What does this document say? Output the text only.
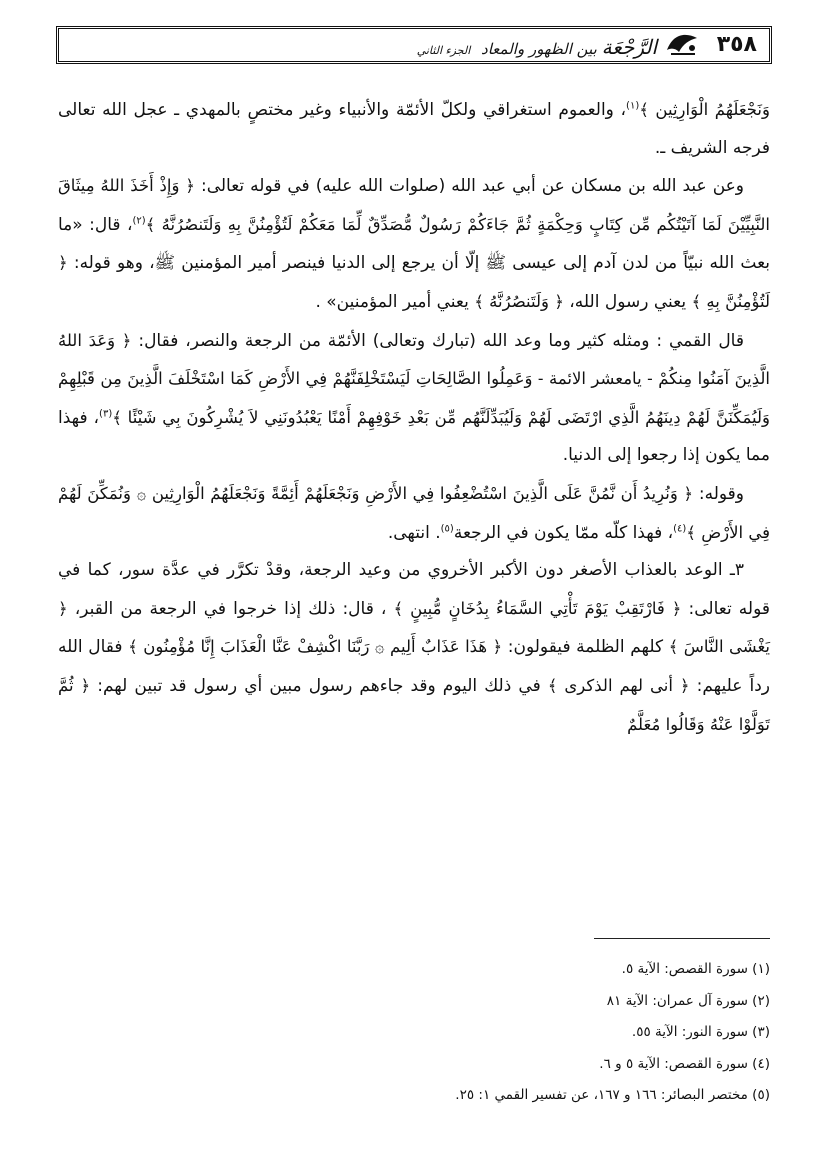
٣٥٨
الرَّجْعَة بين الظهور والمعاد الجزء الثاني

وَنَجْعَلَهُمُ الْوَارِثِين ﴾$^{(١)}$، والعموم استغراقي ولكلّ الأئمّة والأنبياء وغير مختصٍ بالمهدي ـ عجل الله تعالى فرجه الشريف ـ.

وعن عبد الله بن مسكان عن أبي عبد الله (صلوات الله عليه) في قوله تعالى: ﴿ وَإِذْ أَخَذَ اللهُ مِيثَاقَ النَّبِيِّيْنَ لَمَا آتَيْتُكُم مِّن كِتَابٍ وَحِكْمَةٍ ثُمَّ جَاءَكُمْ رَسُولٌ مُّصَدِّقٌ لِّمَا مَعَكُمْ لَتُؤْمِنُنَّ بِهِ وَلَتَنصُرُنَّهُ ﴾$^{(٢)}$، قال: «ما بعث الله نبيّاً من لدن آدم إلى عيسى ﷺ إلّا أن يرجع إلى الدنيا فينصر أمير المؤمنين ﷺ، وهو قوله: ﴿ لَتُؤْمِنُنَّ بِهِ ﴾ يعني رسول الله، ﴿ وَلَتَنصُرُنَّهُ ﴾ يعني أمير المؤمنين» .

قال القمي : ومثله كثير وما وعد الله (تبارك وتعالى) الأئمّة من الرجعة والنصر، فقال: ﴿ وَعَدَ اللهُ الَّذِينَ آمَنُوا مِنكُمْ - يامعشر الائمة - وَعَمِلُوا الصَّالِحَاتِ لَيَسْتَخْلِفَنَّهُمْ فِي الأَرْضِ كَمَا اسْتَخْلَفَ الَّذِينَ مِن قَبْلِهِمْ وَلَيُمَكِّنَنَّ لَهُمْ دِينَهُمُ الَّذِي ارْتَضَى لَهُمْ وَلَيُبَدِّلَنَّهُم مِّن بَعْدِ خَوْفِهِمْ أَمْنًا يَعْبُدُونَنِي لاَ يُشْرِكُونَ بِي شَيْئًا ﴾$^{(٣)}$، فهذا مما يكون إذا رجعوا إلى الدنيا.

وقوله: ﴿ وَنُرِيدُ أَن نَّمُنَّ عَلَى الَّذِينَ اسْتُضْعِفُوا فِي الأَرْضِ وَنَجْعَلَهُمْ أَئِمَّةً وَنَجْعَلَهُمُ الْوَارِثِين ۞ وَنُمَكِّنَ لَهُمْ فِي الأَرْضِ ﴾$^{(٤)}$، فهذا كلّه ممّا يكون في الرجعة$^{(٥)}$. انتهى.

٣ـ الوعد بالعذاب الأصغر دون الأكبر الأخروي من وعيد الرجعة، وقدْ تكرَّر في عدَّة سور، كما في قوله تعالى: ﴿ فَارْتَقِبْ يَوْمَ تَأْتِي السَّمَاءُ بِدُخَانٍ مُّبِينٍ ﴾ ، قال: ذلك إذا خرجوا في الرجعة من القبر، ﴿ يَغْشَى النَّاسَ ﴾ كلهم الظلمة فيقولون: ﴿ هَذَا عَذَابٌ أَلِيم ۞ رَبَّنَا اكْشِفْ عَنَّا الْعَذَابَ إِنَّا مُؤْمِنُون ﴾ فقال الله رداً عليهم: ﴿ أنى لهم الذكرى ﴾ في ذلك اليوم وقد جاءهم رسول مبين أي رسول قد تبين لهم: ﴿ ثُمَّ تَوَلَّوْا عَنْهُ وَقَالُوا مُعَلَّمٌ

(١) سورة القصص: الآية ٥.
(٢) سورة آل عمران: الآية ٨١
(٣) سورة النور: الآية ٥٥.
(٤) سورة القصص: الآية ٥ و ٦.
(٥) مختصر البصائر: ١٦٦ و ١٦٧، عن تفسير القمي ١: ٢٥.
